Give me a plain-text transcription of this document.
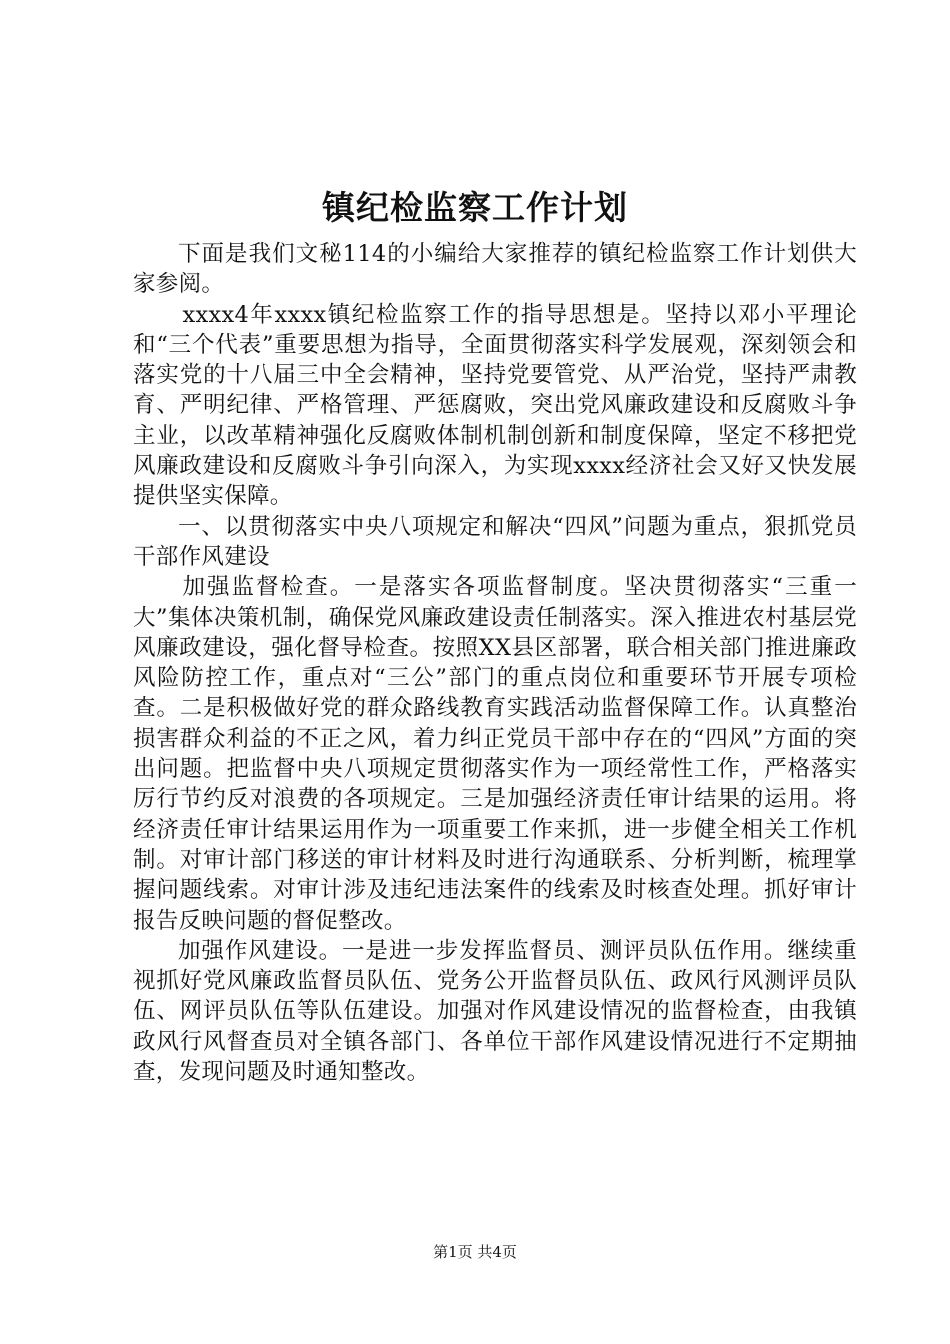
镇纪检监察工作计划

下面是我们文秘114的小编给大家推荐的镇纪检监察工作计划供大家参阅。

xxxx4年xxxx镇纪检监察工作的指导思想是。坚持以邓小平理论和“三个代表”重要思想为指导，全面贯彻落实科学发展观，深刻领会和落实党的十八届三中全会精神，坚持党要管党、从严治党，坚持严肃教育、严明纪律、严格管理、严惩腐败，突出党风廉政建设和反腐败斗争主业，以改革精神强化反腐败体制机制创新和制度保障，坚定不移把党风廉政建设和反腐败斗争引向深入，为实现xxxx经济社会又好又快发展提供坚实保障。

一、以贯彻落实中央八项规定和解决“四风”问题为重点，狠抓党员干部作风建设

加强监督检查。一是落实各项监督制度。坚决贯彻落实“三重一大”集体决策机制，确保党风廉政建设责任制落实。深入推进农村基层党风廉政建设，强化督导检查。按照XX县区部署，联合相关部门推进廉政风险防控工作，重点对“三公”部门的重点岗位和重要环节开展专项检查。二是积极做好党的群众路线教育实践活动监督保障工作。认真整治损害群众利益的不正之风，着力纠正党员干部中存在的“四风”方面的突出问题。把监督中央八项规定贯彻落实作为一项经常性工作，严格落实厉行节约反对浪费的各项规定。三是加强经济责任审计结果的运用。将经济责任审计结果运用作为一项重要工作来抓，进一步健全相关工作机制。对审计部门移送的审计材料及时进行沟通联系、分析判断，梳理掌握问题线索。对审计涉及违纪违法案件的线索及时核查处理。抓好审计报告反映问题的督促整改。

加强作风建设。一是进一步发挥监督员、测评员队伍作用。继续重视抓好党风廉政监督员队伍、党务公开监督员队伍、政风行风测评员队伍、网评员队伍等队伍建设。加强对作风建设情况的监督检查，由我镇政风行风督查员对全镇各部门、各单位干部作风建设情况进行不定期抽查，发现问题及时通知整改。

第1页 共4页
